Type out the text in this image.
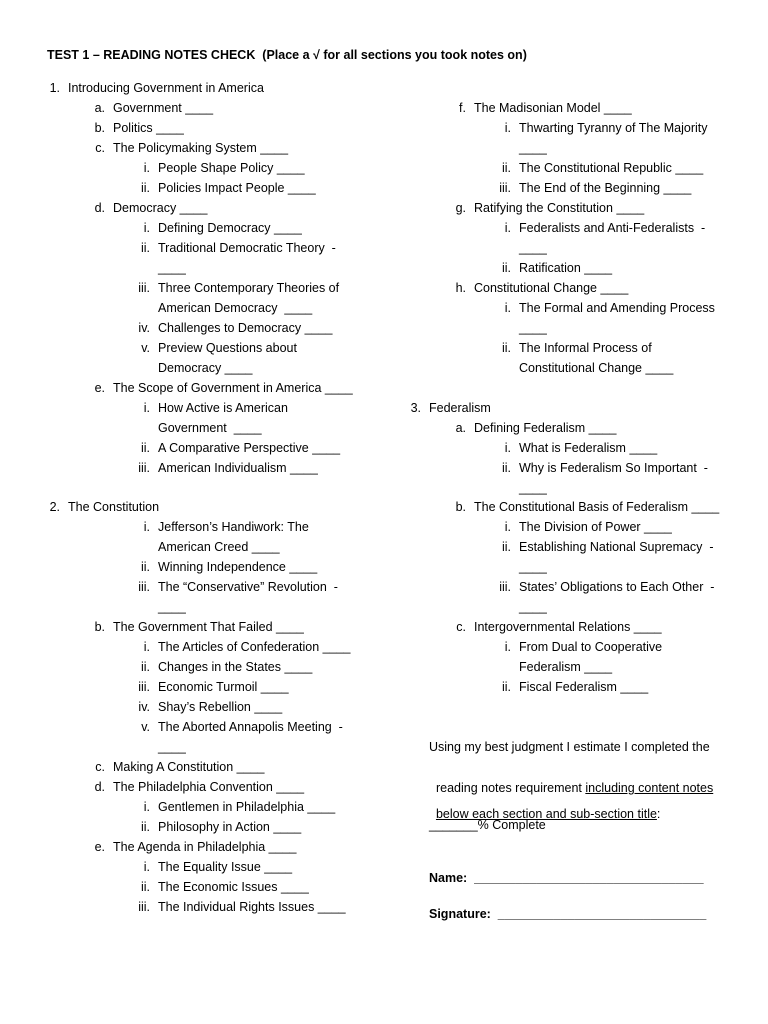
TEST 1 – READING NOTES CHECK  (Place a √ for all sections you took notes on)
1. Introducing Government in America
a. Government ____
b. Politics ____
c. The Policymaking System ____
i. People Shape Policy ____
ii. Policies Impact People ____
d. Democracy ____
i. Defining Democracy ____
ii. Traditional Democratic Theory  -
____
iii. Three Contemporary Theories of
American Democracy  ____
iv. Challenges to Democracy ____
v. Preview Questions about
Democracy ____
e. The Scope of Government in America ____
i. How Active is American
Government  ____
ii. A Comparative Perspective ____
iii. American Individualism ____
2. The Constitution
i. Jefferson’s Handiwork: The
American Creed ____
ii. Winning Independence ____
iii. The “Conservative” Revolution  -
____
b. The Government That Failed ____
i. The Articles of Confederation ____
ii. Changes in the States ____
iii. Economic Turmoil ____
iv. Shay’s Rebellion ____
v. The Aborted Annapolis Meeting  -
____
c. Making A Constitution ____
d. The Philadelphia Convention ____
i. Gentlemen in Philadelphia ____
ii. Philosophy in Action ____
e. The Agenda in Philadelphia ____
i. The Equality Issue ____
ii. The Economic Issues ____
iii. The Individual Rights Issues ____
f. The Madisonian Model ____
i. Thwarting Tyranny of The Majority
____
ii. The Constitutional Republic ____
iii. The End of the Beginning ____
g. Ratifying the Constitution ____
i. Federalists and Anti-Federalists  -
____
ii. Ratification ____
h. Constitutional Change ____
i. The Formal and Amending Process
____
ii. The Informal Process of
Constitutional Change ____
3. Federalism
a. Defining Federalism ____
i. What is Federalism ____
ii. Why is Federalism So Important  -
____
b. The Constitutional Basis of Federalism ____
i. The Division of Power ____
ii. Establishing National Supremacy  -
____
iii. States’ Obligations to Each Other  -
____
c. Intergovernmental Relations ____
i. From Dual to Cooperative
Federalism ____
ii. Fiscal Federalism ____
Using my best judgment I estimate I completed the

reading notes requirement including content notes

below each section and sub-section title:

_______% Complete
Name:  _________________________________
Signature:  ______________________________
